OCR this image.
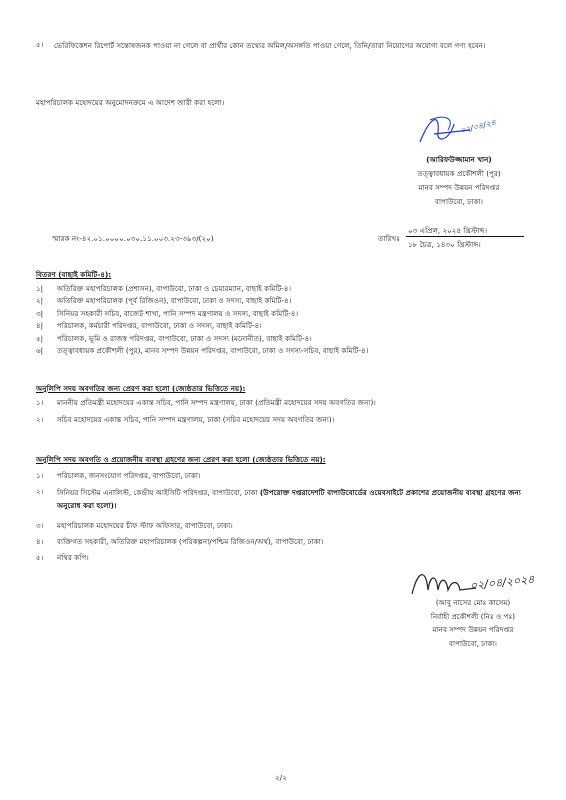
৫।	ভেরিফিকেশন রিপোর্ট সন্তোষজনক পাওয়া না গেলে বা প্রার্থীর কোন তথ্যের অমিল/অসঙ্গতি পাওয়া গেলে, তিনি/তারা নিয়োগের অযোগ্য বলে গণ্য হবেন।
মহাপরিচালক মহোদয়ের অনুমোদনক্রমে এ আদেশ জারী করা হলো।
০২/০৪/২৪
(আরিফউজ্জামান খান)
তত্ত্বাবধায়ক প্রকৌশলী (পুর)
মানব সম্পদ উন্নয়ন পরিদপ্তর
বাপাউবো, ঢাকা।
স্মারক নং-৪২.০১.০০০০.০৩০.১১.০০৩.২৩-৩৯৩/(২০)	তারিখঃ
০৩ এপ্রিল, ২০২৪ খ্রিস্টাব্দ।
১৮ চৈত্র, ১৪৩০ খ্রিস্টাব্দ।
বিতরণ (বাছাই কমিটি-৪):
১|	অতিরিক্ত মহাপরিচালক (প্রশাসন), বাপাউবো, ঢাকা ও চেয়ারম্যান, বাছাই কমিটি-৪।
২|	অতিরিক্ত মহাপরিচালক (পূর্ব রিজিওন), বাপাউবো, ঢাকা ও সদস্য, বাছাই কমিটি-৪।
৩|	সিনিয়র সহকারী সচিব, বাজেট শাখা, পানি সম্পদ মন্ত্রণালয় ও সদস্য, বাছাই কমিটি-৪।
৪|	পরিচালক, কর্মচারী পরিদপ্তর, বাপাউবো, ঢাকা ও সদস্য, বাছাই কমিটি-৪।
৫|	পরিচালক, ভূমি ও রাজস্ব পরিদপ্তর, বাপাউবো, ঢাকা ও সদস্য (মনোনীত), বাছাই কমিটি-৪।
৬|	তত্ত্বাবধায়ক প্রকৌশলী (পুর), মানব সম্পদ উন্নয়ন পরিদপ্তর, বাপাউবো, ঢাকা ও সদস্য-সচিব, বাছাই কমিটি-৪।
অনুলিপি সদয় অবগতির জন্য প্রেরণ করা হলো (জ্যেষ্ঠতার ভিত্তিতে নয়):
১।	মাননীয় প্রতিমন্ত্রী মহোদয়ের একান্ত সচিব, পানি সম্পদ মন্ত্রণালয়, ঢাকা (প্রতিমন্ত্রী মহোদয়ের সদয় অবগতির জন্য)।
২।	সচিব মহোদয়ের একান্ত সচিব, পানি সম্পদ মন্ত্রণালয়, ঢাকা (সচিব মহোদয়ের সদয় অবগতির জন্য)।
অনুলিপি সদয় অবগতি ও প্রয়োজনীয় ব্যবস্থা গ্রহণের জন্য প্রেরণ করা হলো (জ্যেষ্ঠতার ভিত্তিতে নয়):
১।	পরিচালক, জনসংযোগ পরিদপ্তর, বাপাউবো, ঢাকা।
২।	সিনিয়র সিস্টেম এনালিস্ট, কেন্দ্রীয় আইসিটি পরিদপ্তর, বাপাউবো, ঢাকা (উপরোক্ত দপ্তরাদেশটি বাপাউবোর্ডের ওয়েবসাইটে প্রকাশের প্রয়োজনীয় ব্যবস্থা গ্রহণের জন্য অনুরোধ করা হলো)।
৩।	মহাপরিচালক মহোদয়ের চীফ স্টাফ অফিসার, বাপাউবো, ঢাকা।
৪।	ব্যক্তিগত সহকারী, অতিরিক্ত মহাপরিচালক (পরিকল্পনা/পশ্চিম রিজিওন/অর্থ), বাপাউবো, ঢাকা।
৫।	নথির কপি।
০২/০৪/২০২৪
(আবু নাসের মোঃ কাসেম)
নির্বাহী প্রকৌশলী (নিঃ ও পঃ)
মানব সম্পদ উন্নয়ন পরিদপ্তর
বাপাউবো, ঢাকা।
২/২
